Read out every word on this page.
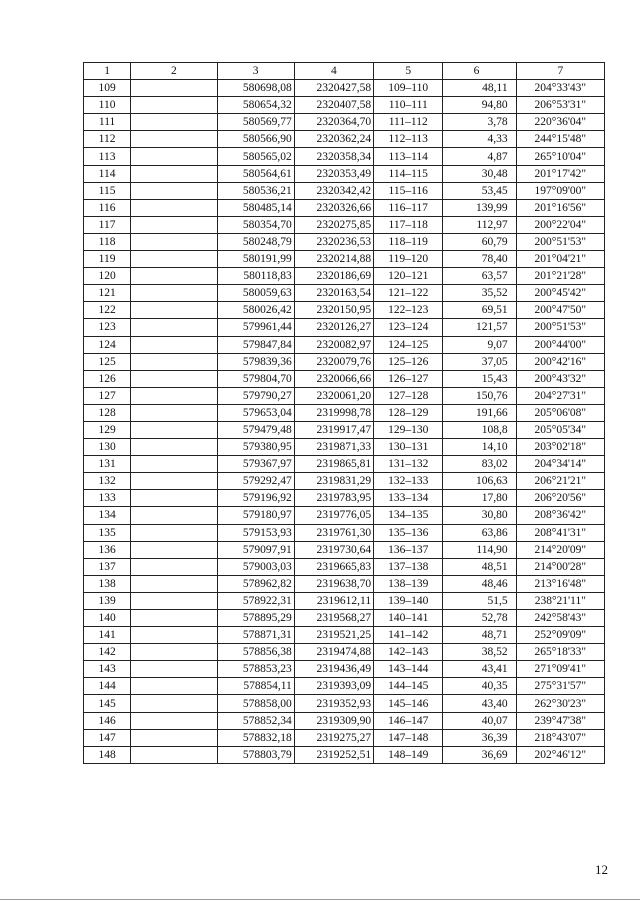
1	2	3	4	5	6	7
109		580698,08	2320427,58	109–110	48,11	204°33'43"
110		580654,32	2320407,58	110–111	94,80	206°53'31"
111		580569,77	2320364,70	111–112	3,78	220°36'04"
112		580566,90	2320362,24	112–113	4,33	244°15'48"
113		580565,02	2320358,34	113–114	4,87	265°10'04"
114		580564,61	2320353,49	114–115	30,48	201°17'42"
115		580536,21	2320342,42	115–116	53,45	197°09'00"
116		580485,14	2320326,66	116–117	139,99	201°16'56"
117		580354,70	2320275,85	117–118	112,97	200°22'04"
118		580248,79	2320236,53	118–119	60,79	200°51'53"
119		580191,99	2320214,88	119–120	78,40	201°04'21"
120		580118,83	2320186,69	120–121	63,57	201°21'28"
121		580059,63	2320163,54	121–122	35,52	200°45'42"
122		580026,42	2320150,95	122–123	69,51	200°47'50"
123		579961,44	2320126,27	123–124	121,57	200°51'53"
124		579847,84	2320082,97	124–125	9,07	200°44'00"
125		579839,36	2320079,76	125–126	37,05	200°42'16"
126		579804,70	2320066,66	126–127	15,43	200°43'32"
127		579790,27	2320061,20	127–128	150,76	204°27'31"
128		579653,04	2319998,78	128–129	191,66	205°06'08"
129		579479,48	2319917,47	129–130	108,8	205°05'34"
130		579380,95	2319871,33	130–131	14,10	203°02'18"
131		579367,97	2319865,81	131–132	83,02	204°34'14"
132		579292,47	2319831,29	132–133	106,63	206°21'21"
133		579196,92	2319783,95	133–134	17,80	206°20'56"
134		579180,97	2319776,05	134–135	30,80	208°36'42"
135		579153,93	2319761,30	135–136	63,86	208°41'31"
136		579097,91	2319730,64	136–137	114,90	214°20'09"
137		579003,03	2319665,83	137–138	48,51	214°00'28"
138		578962,82	2319638,70	138–139	48,46	213°16'48"
139		578922,31	2319612,11	139–140	51,5	238°21'11"
140		578895,29	2319568,27	140–141	52,78	242°58'43"
141		578871,31	2319521,25	141–142	48,71	252°09'09"
142		578856,38	2319474,88	142–143	38,52	265°18'33"
143		578853,23	2319436,49	143–144	43,41	271°09'41"
144		578854,11	2319393,09	144–145	40,35	275°31'57"
145		578858,00	2319352,93	145–146	43,40	262°30'23"
146		578852,34	2319309,90	146–147	40,07	239°47'38"
147		578832,18	2319275,27	147–148	36,39	218°43'07"
148		578803,79	2319252,51	148–149	36,69	202°46'12"
12
